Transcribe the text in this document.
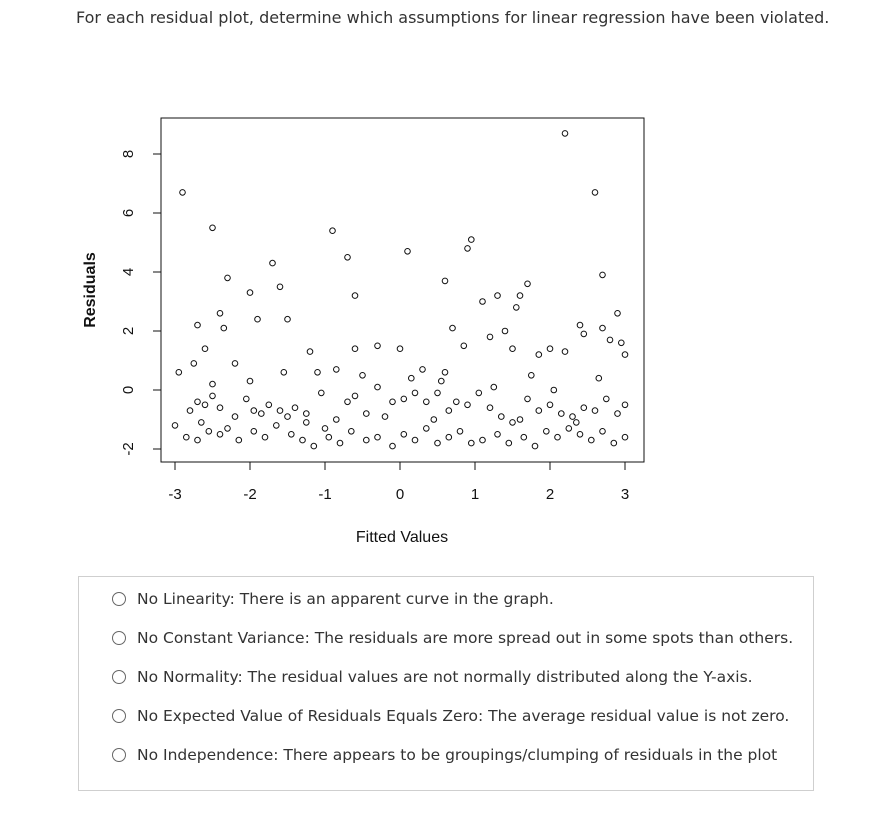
For each residual plot, determine which assumptions for linear regression have been violated.

-3	-2	-1	0	1	2	3
-2
0
2
4
6
8
Fitted Values
Residuals
No Linearity: There is an apparent curve in the graph.
No Constant Variance: The residuals are more spread out in some spots than others.
No Normality: The residual values are not normally distributed along the Y-axis.
No Expected Value of Residuals Equals Zero: The average residual value is not zero.
No Independence: There appears to be groupings/clumping of residuals in the plot
